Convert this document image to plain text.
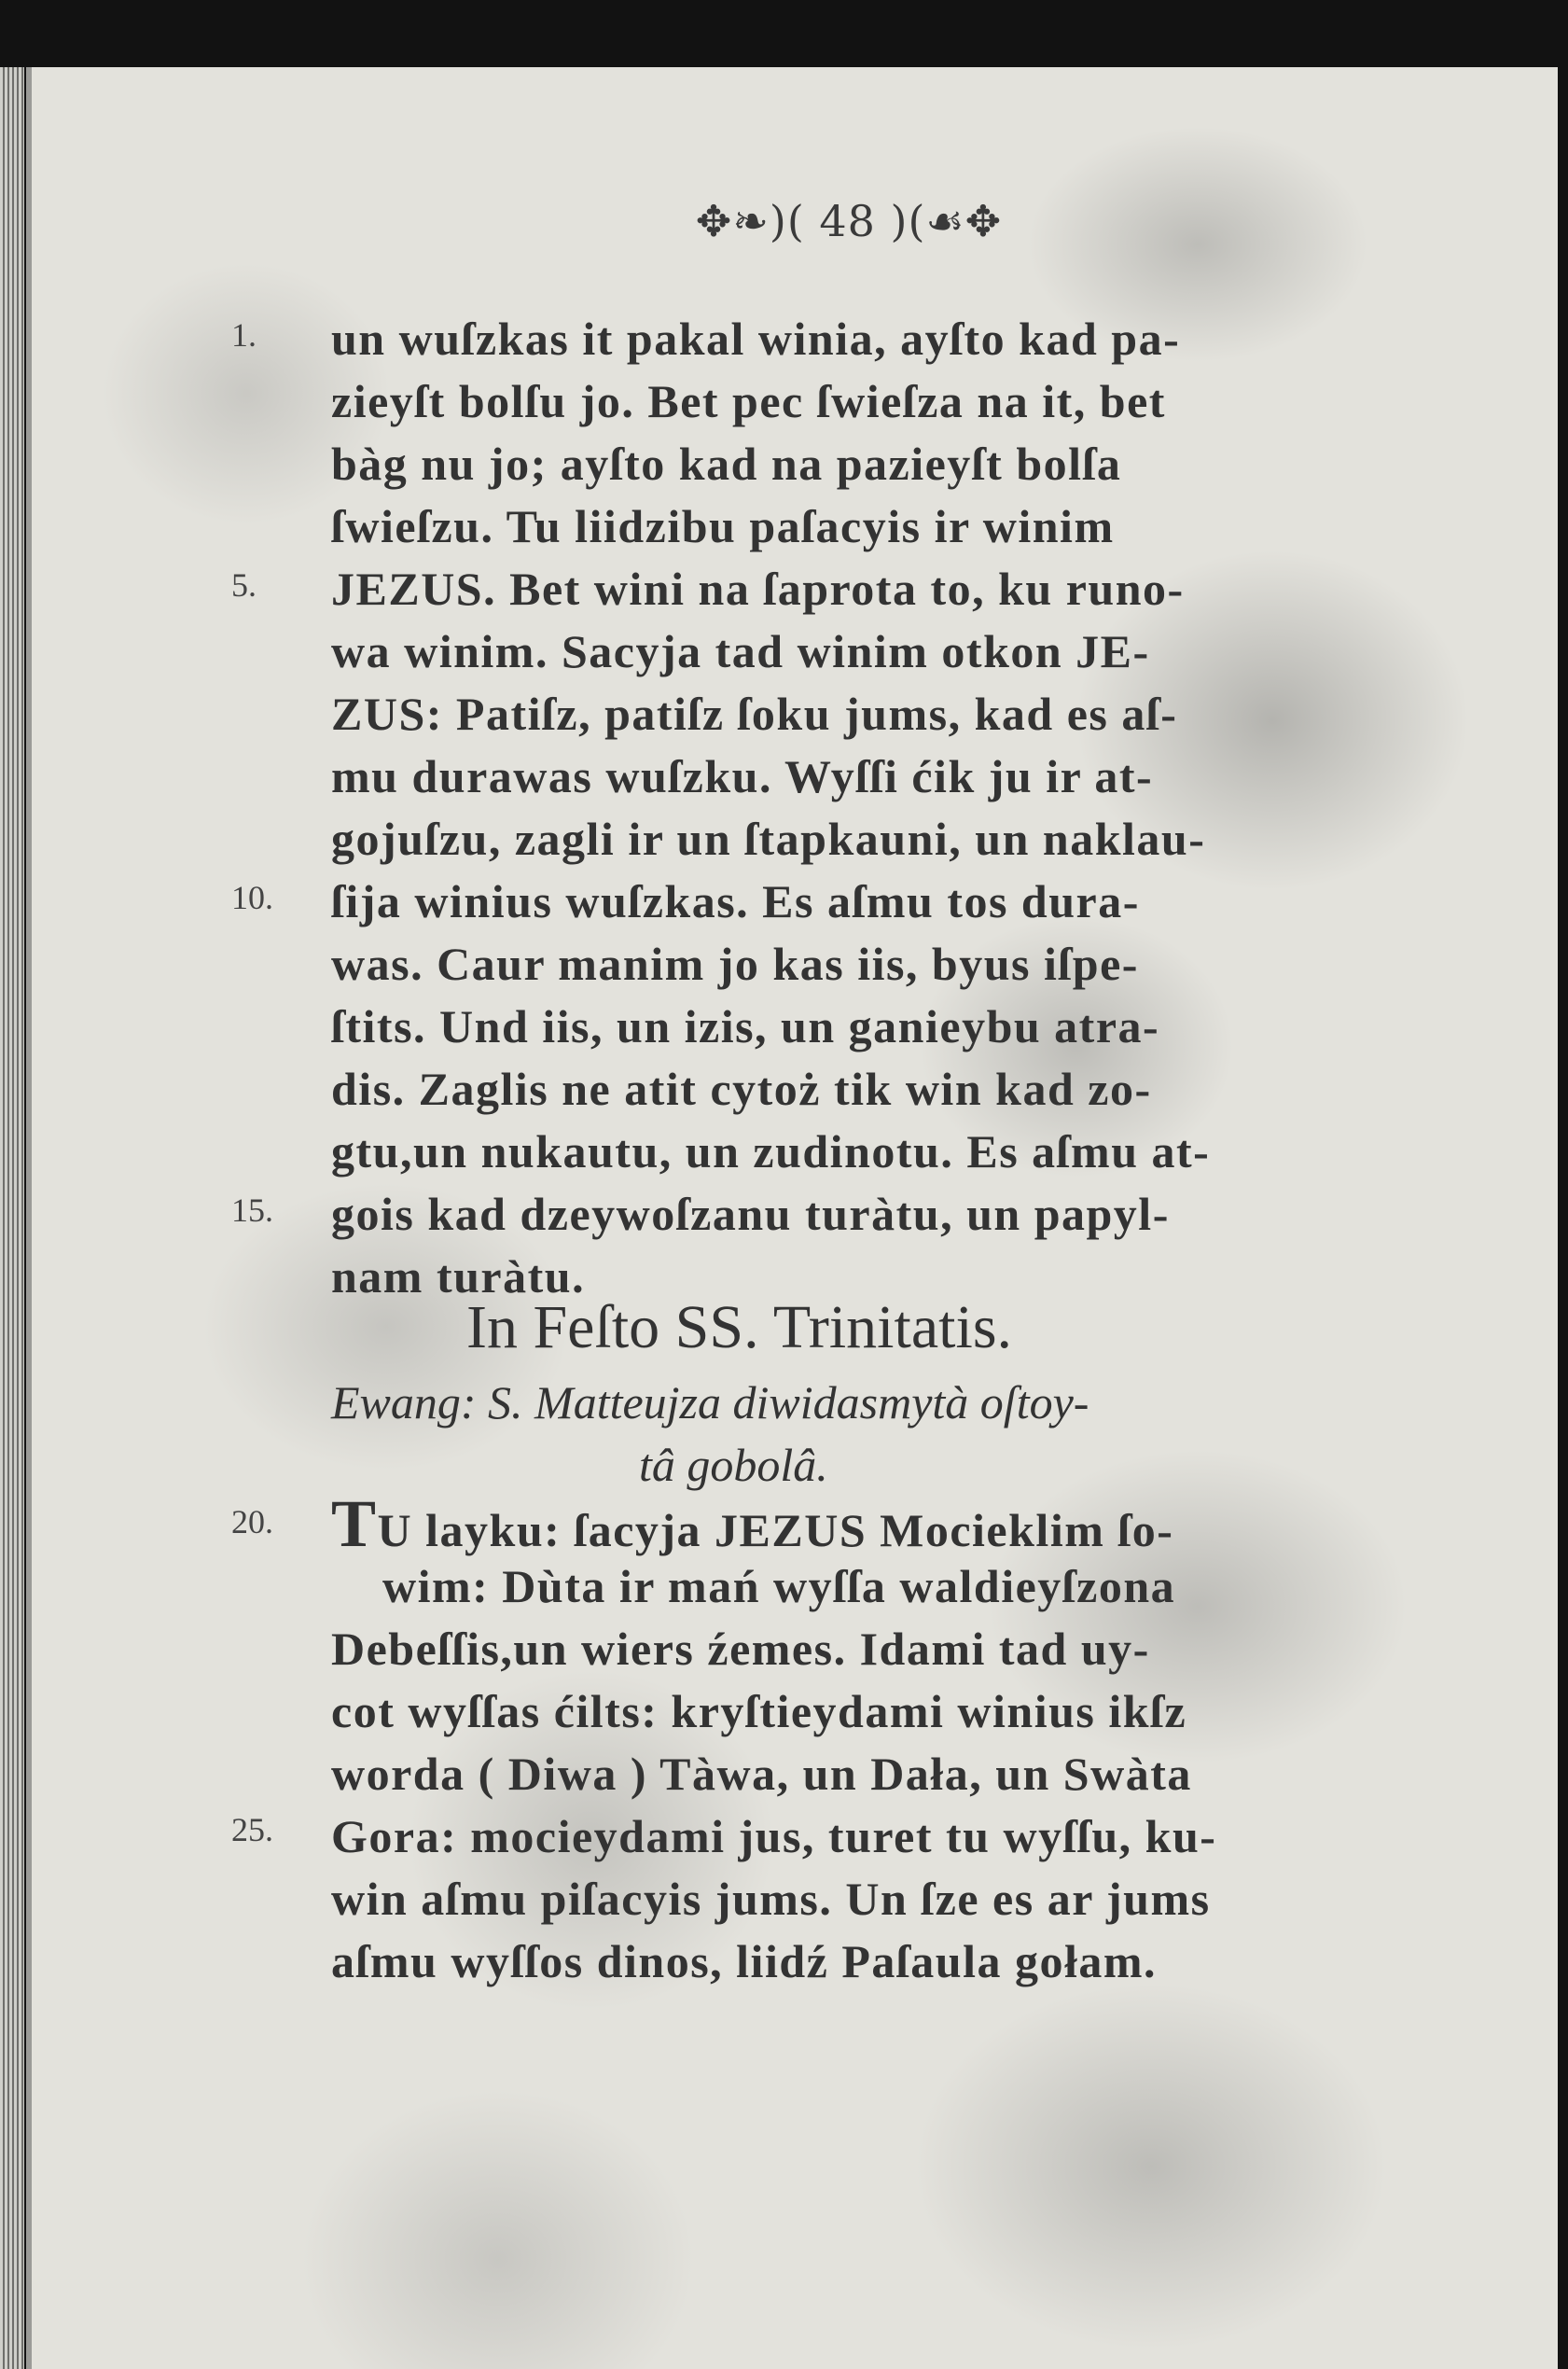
✥❧)( 48 )(☙✥
1.
5.
10.
15.
20.
25.
un wuſzkas it pakal winia, ayſto kad pa-
zieyſt bolſu jo. Bet pec ſwieſza na it, bet
bàg nu jo; ayſto kad na pazieyſt bolſa
ſwieſzu. Tu liidzibu paſacyis ir winim
JEZUS. Bet wini na ſaprota to, ku runo-
wa winim. Sacyja tad winim otkon JE-
ZUS: Patiſz, patiſz ſoku jums, kad es aſ-
mu durawas wuſzku. Wyſſi ćik ju ir at-
gojuſzu, zagli ir un ſtapkauni, un naklau-
ſija winius wuſzkas. Es aſmu tos dura-
was. Caur manim jo kas iis, byus iſpe-
ſtits. Und iis, un izis, un ganieybu atra-
dis. Zaglis ne atit cytoż tik win kad zo-
gtu,un nukautu, un zudinotu. Es aſmu at-
gois kad dzeywoſzanu turàtu, un papyl-
nam turàtu.
In Feſto SS. Trinitatis.
Ewang: S. Matteujza diwidasmytà oſtoy-
tâ gobolâ.
TU layku: ſacyja JEZUS Mocieklim ſo-
wim: Dùta ir mań wyſſa waldieyſzona
Debeſſis,un wiers źemes. Idami tad uy-
cot wyſſas ćilts: kryſtieydami winius ikſz
worda ( Diwa ) Tàwa, un Dała, un Swàta
Gora: mocieydami jus, turet tu wyſſu, ku-
win aſmu piſacyis jums. Un ſze es ar jums
aſmu wyſſos dinos, liidź Paſaula gołam.
